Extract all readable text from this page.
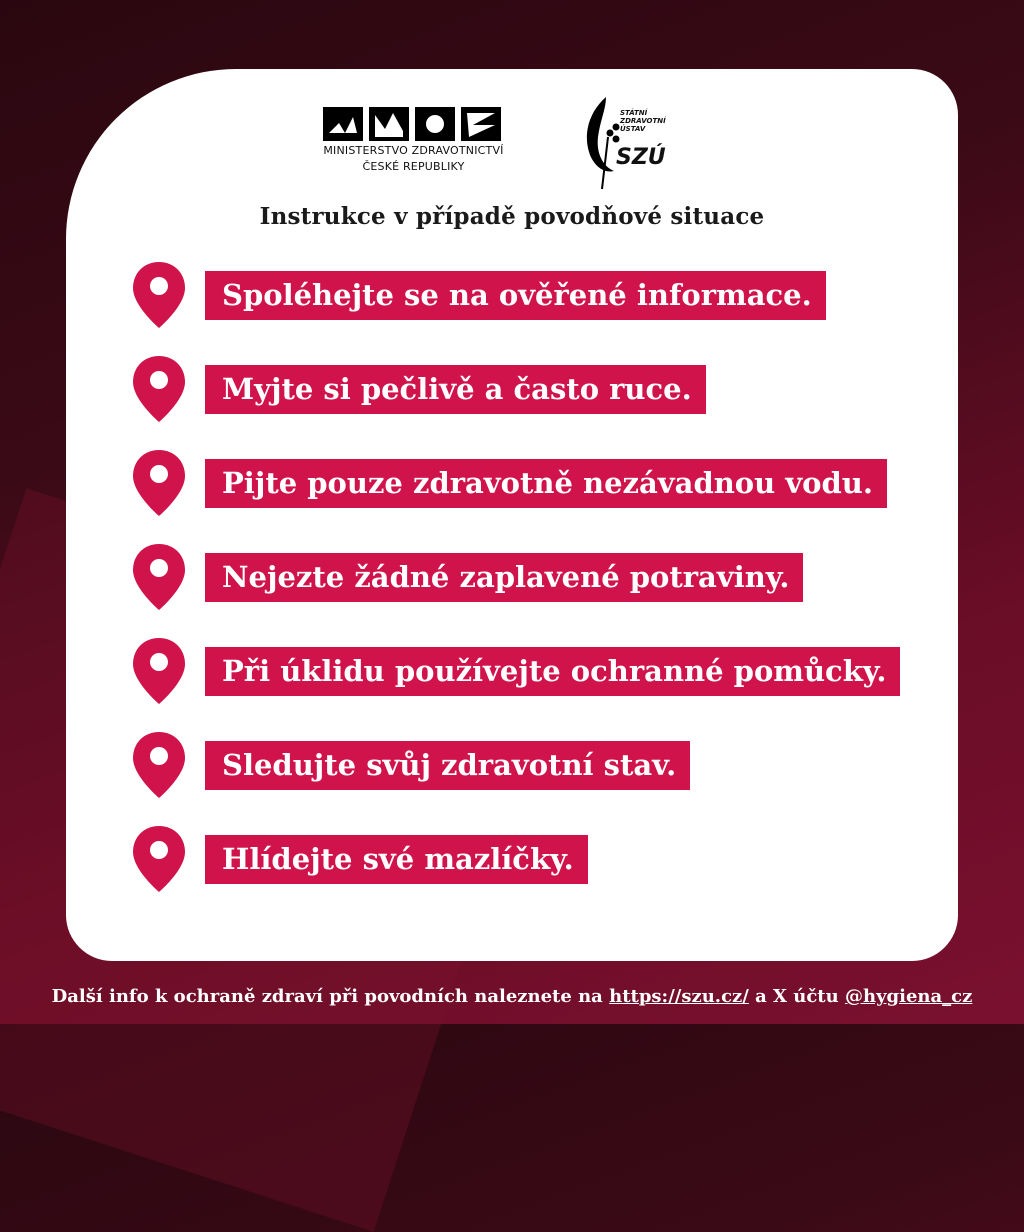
MINISTERSTVO ZDRAVOTNICTVÍ
ČESKÉ REPUBLIKY
STÁTNÍ
ZDRAVOTNÍ
ÚSTAV
SZÚ
Instrukce v případě povodňové situace
Spoléhejte se na ověřené informace.
Myjte si pečlivě a často ruce.
Pijte pouze zdravotně nezávadnou vodu.
Nejezte žádné zaplavené potraviny.
Při úklidu používejte ochranné pomůcky.
Sledujte svůj zdravotní stav.
Hlídejte své mazlíčky.
Další info k ochraně zdraví při povodních naleznete na https://szu.cz/ a X účtu @hygiena_cz
